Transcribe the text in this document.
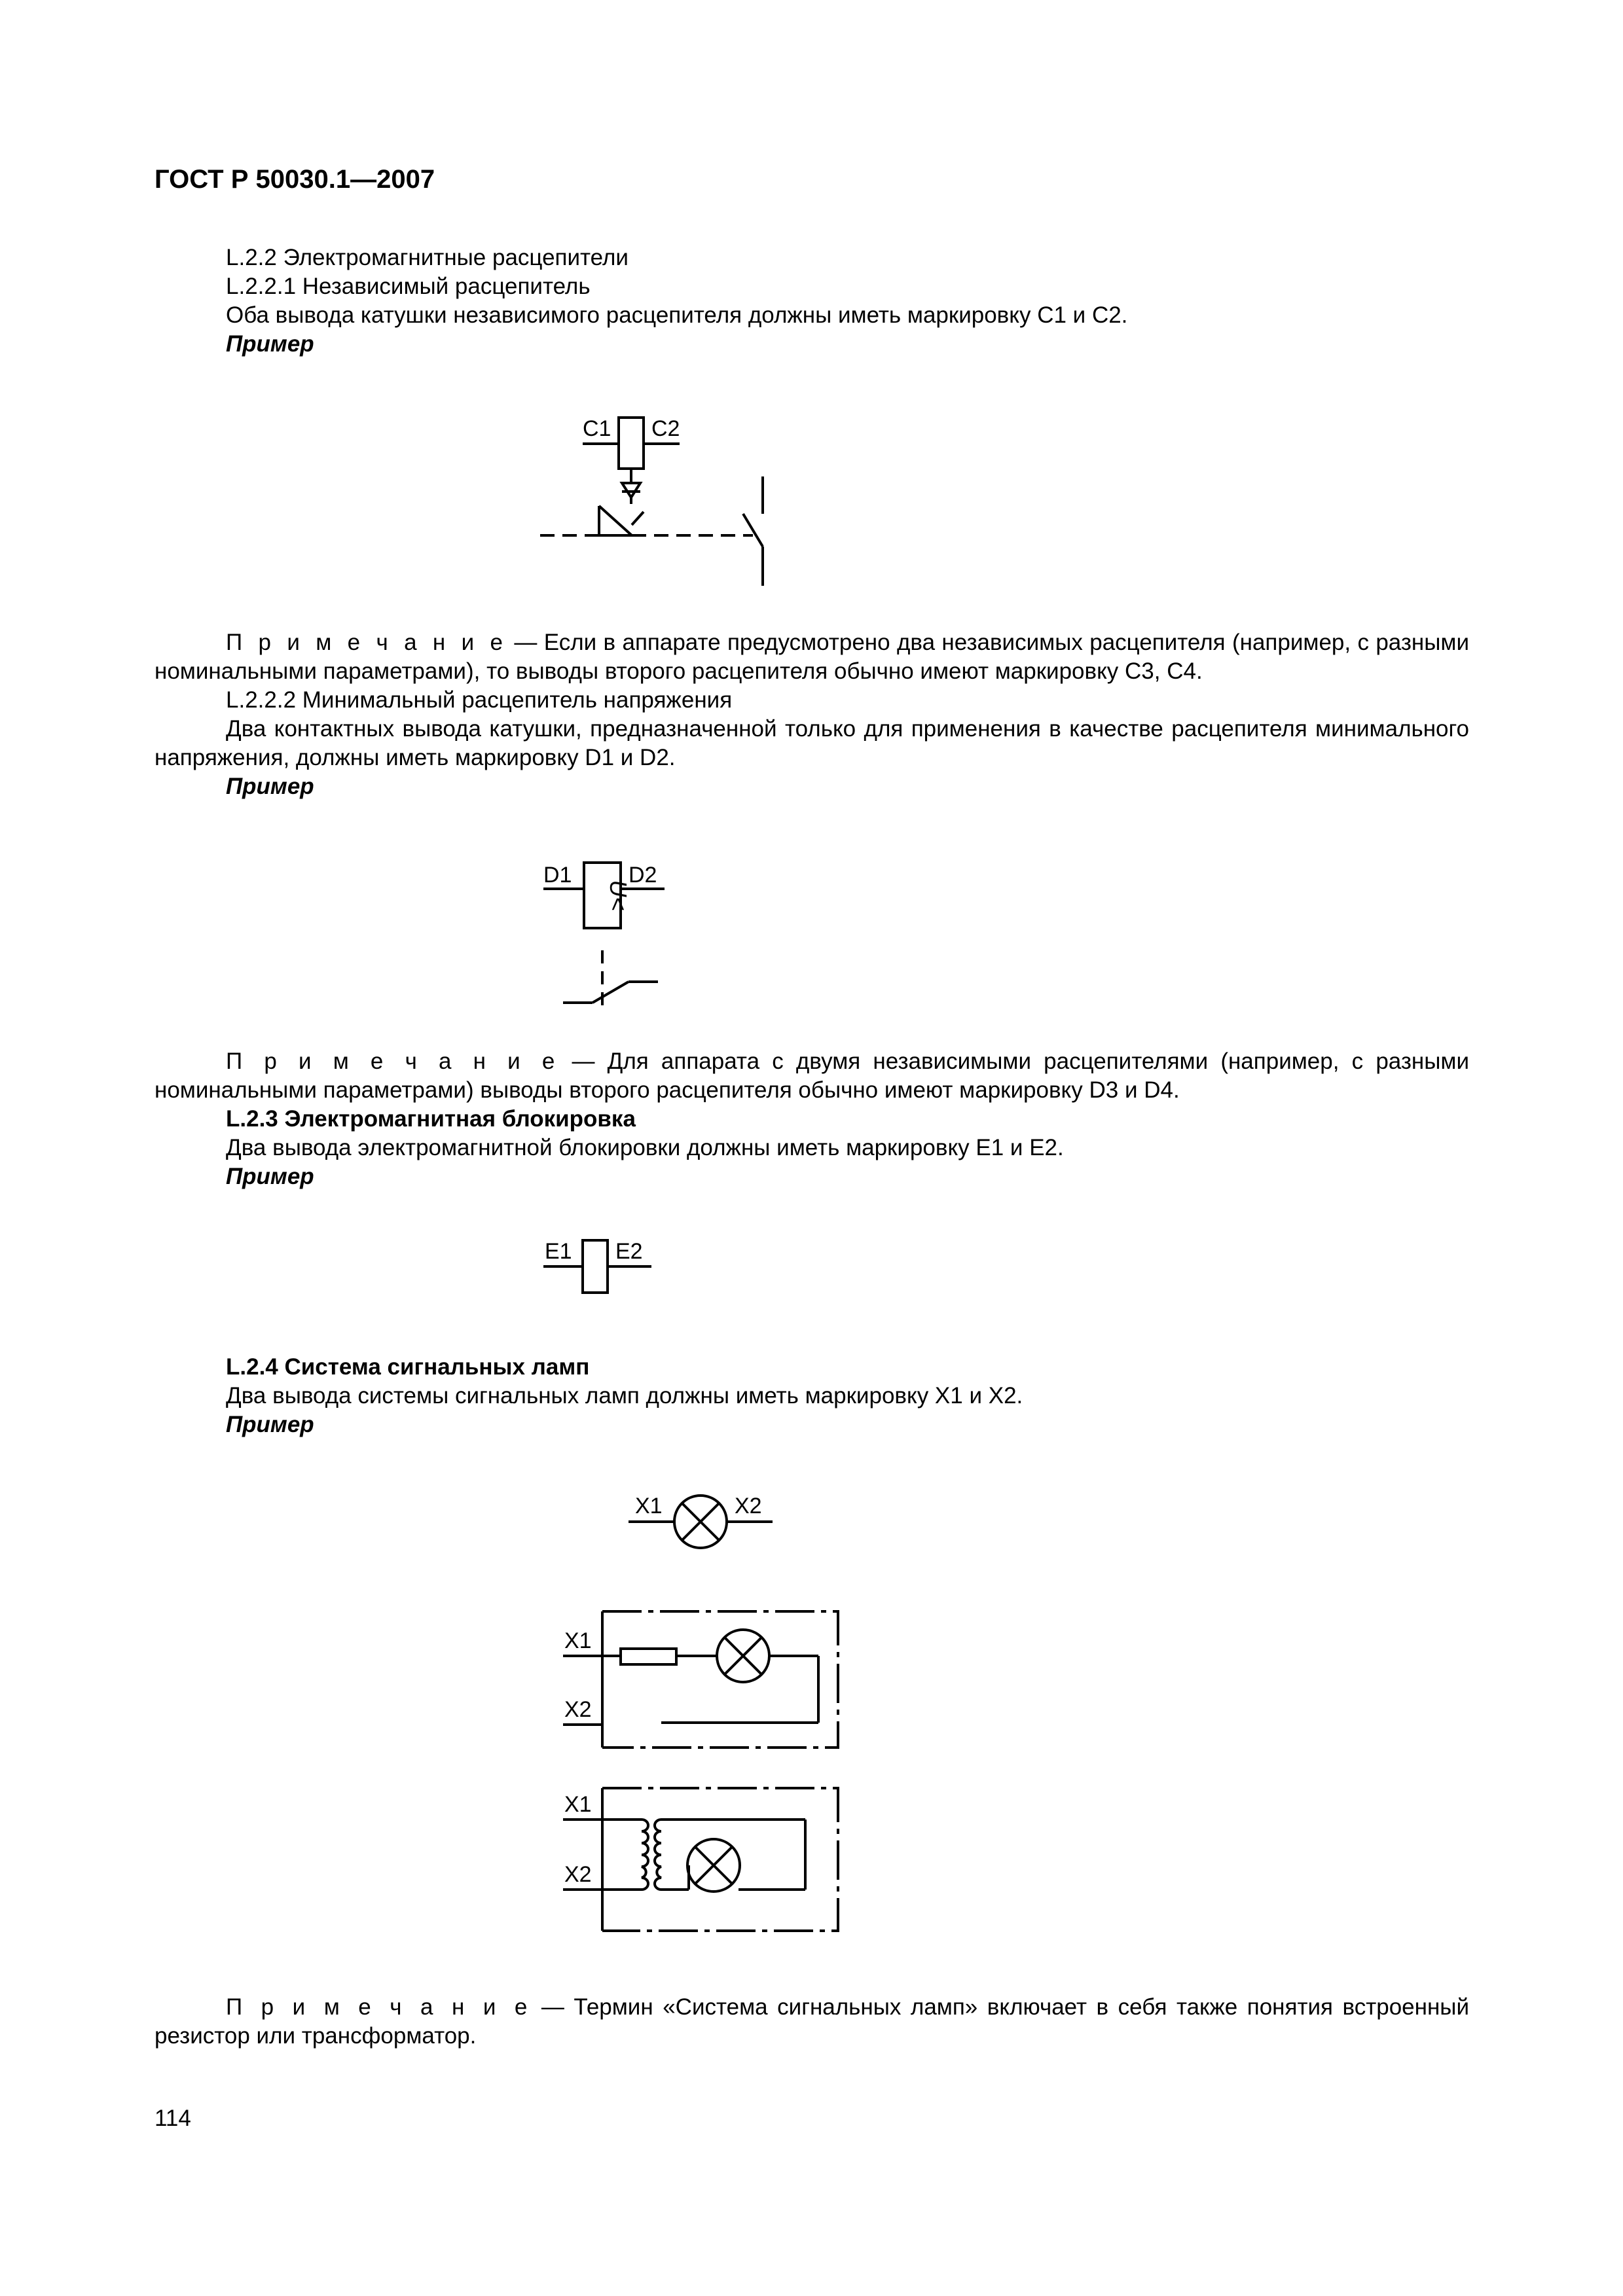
ГОСТ Р 50030.1—2007
L.2.2 Электромагнитные расцепители
L.2.2.1 Независимый расцепитель
Оба вывода катушки независимого расцепителя должны иметь маркировку С1 и С2.
Пример
С1 С2
П р и м е ч а н и е — Если в аппарате предусмотрено два независимых расцепителя (например, с разными номинальными параметрами), то выводы второго расцепителя обычно имеют маркировку С3, С4.
L.2.2.2 Минимальный расцепитель напряжения
Два контактных вывода катушки, предназначенной только для применения в качестве расцепителя минимального напряжения, должны иметь маркировку D1 и D2.
Пример
D1	D2
U<
П р и м е ч а н и е — Для аппарата с двумя независимыми расцепителями (например, с разными номинальными параметрами) выводы второго расцепителя обычно имеют маркировку D3 и D4.
L.2.3 Электромагнитная блокировка
Два вывода электромагнитной блокировки должны иметь маркировку Е1 и Е2.
Пример
Е1 Е2
L.2.4 Система сигнальных ламп
Два вывода системы сигнальных ламп должны иметь маркировку Х1 и Х2.
Пример
Х1	Х2
Х1
Х2
Х1
Х2
П р и м е ч а н и е — Термин «Система сигнальных ламп» включает в себя также понятия встроенный резистор или трансформатор.
114
